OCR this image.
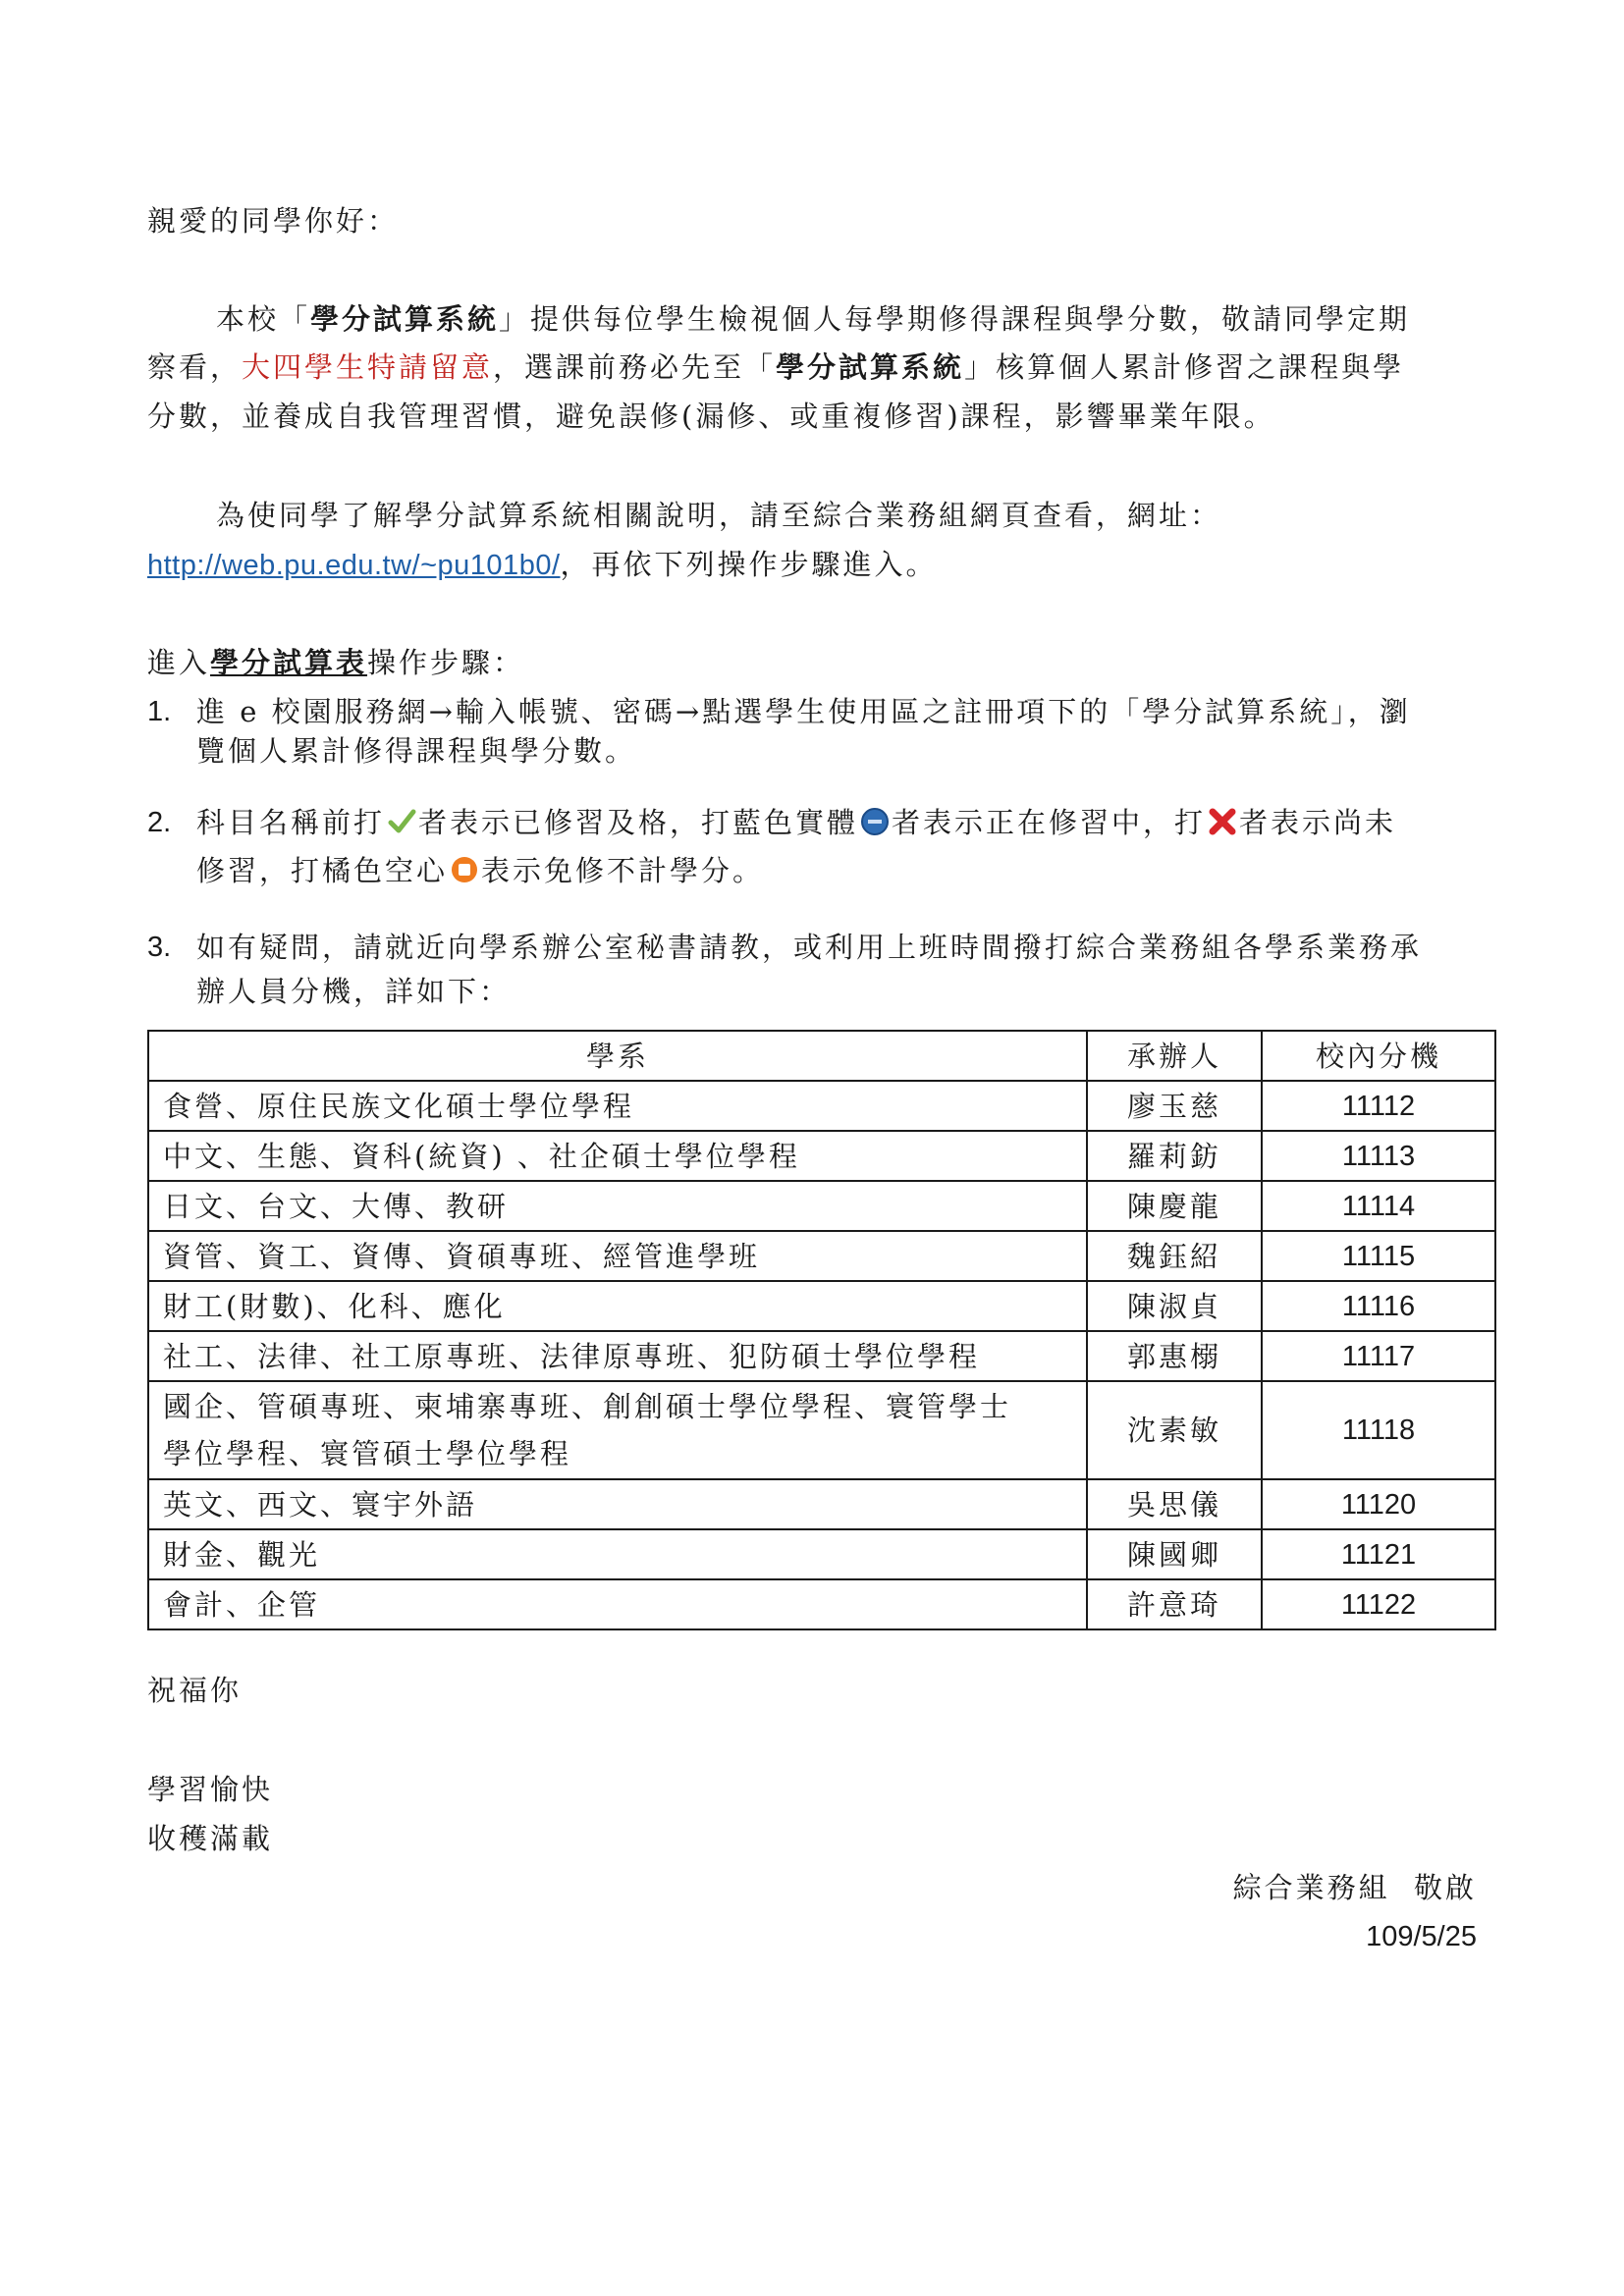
親愛的同學你好：
本校「學分試算系統」提供每位學生檢視個人每學期修得課程與學分數，敬請同學定期
察看，大四學生特請留意，選課前務必先至「學分試算系統」核算個人累計修習之課程與學
分數，並養成自我管理習慣，避免誤修(漏修、或重複修習)課程，影響畢業年限。
為使同學了解學分試算系統相關說明，請至綜合業務組網頁查看，網址：
http://web.pu.edu.tw/~pu101b0/，再依下列操作步驟進入。
進入學分試算表操作步驟：
1. 進 e 校園服務網→輸入帳號、密碼→點選學生使用區之註冊項下的「學分試算系統」，瀏
覽個人累計修得課程與學分數。
2. 科目名稱前打 者表示已修習及格，打藍色實體 者表示正在修習中，打 者表示尚未
修習，打橘色空心 表示免修不計學分。
3. 如有疑問，請就近向學系辦公室秘書請教，或利用上班時間撥打綜合業務組各學系業務承
辦人員分機，詳如下：
學系	承辦人	校內分機
食營、原住民族文化碩士學位學程	廖玉慈	11112
中文、生態、資科(統資) 、社企碩士學位學程	羅莉鈁	11113
日文、台文、大傳、教研	陳慶龍	11114
資管、資工、資傳、資碩專班、經管進學班	魏鈺紹	11115
財工(財數)、化科、應化	陳淑貞	11116
社工、法律、社工原專班、法律原專班、犯防碩士學位學程	郭惠榒	11117

國企、管碩專班、柬埔寨專班、創創碩士學位學程、寰管學士
學位學程、寰管碩士學位學程	沈素敏	11118
英文、西文、寰宇外語	吳思儀	11120
財金、觀光	陳國卿	11121
會計、企管	許意琦	11122
祝福你
學習愉快
收穫滿載
綜合業務組  敬啟
109/5/25
